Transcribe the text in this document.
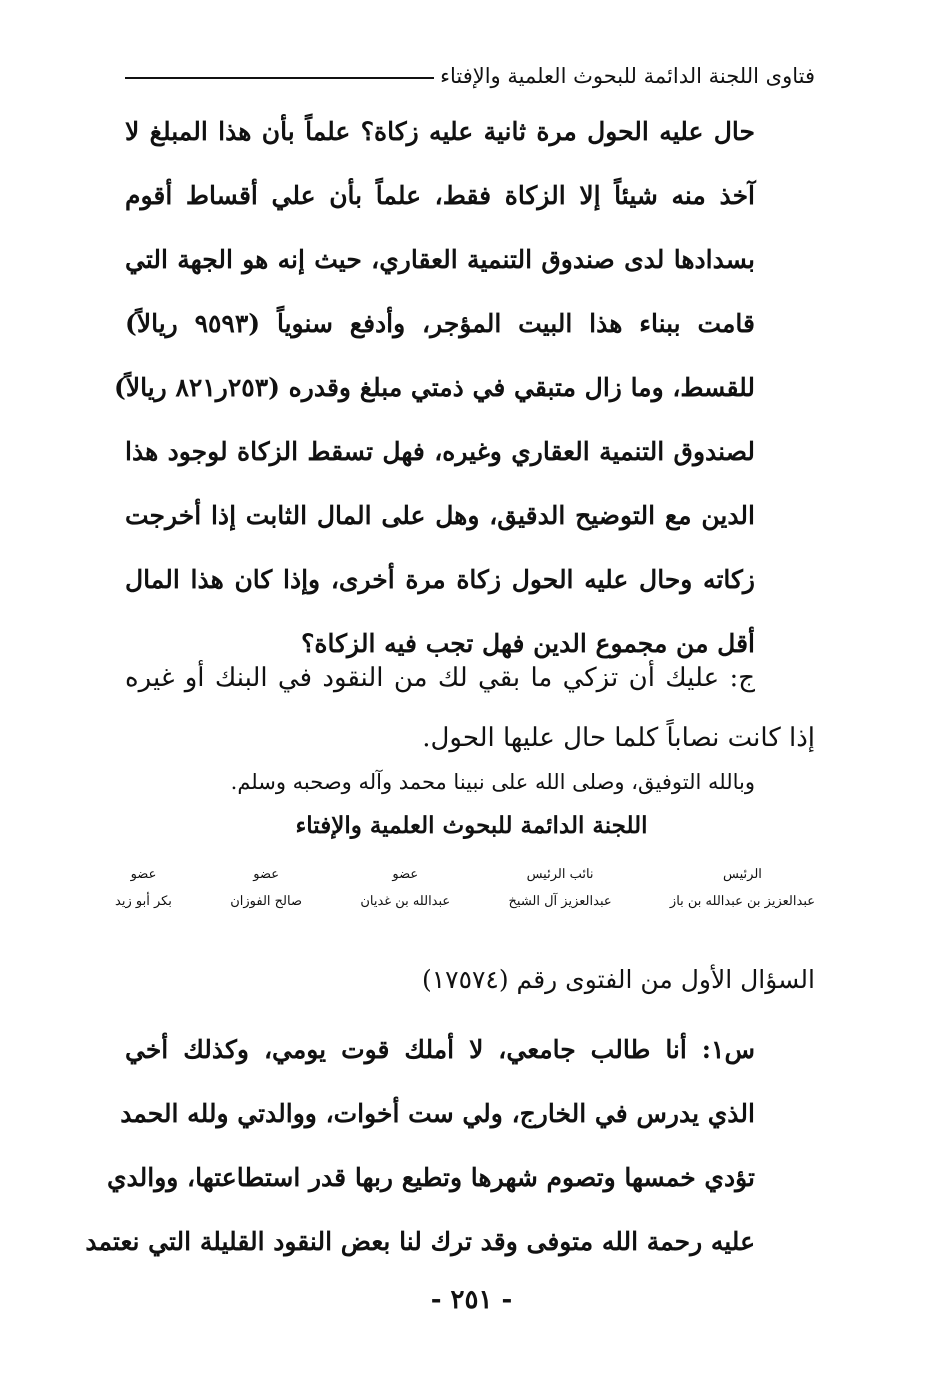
فتاوى اللجنة الدائمة للبحوث العلمية والإفتاء
حال عليه الحول مرة ثانية عليه زكاة؟ علماً بأن هذا المبلغ لا
آخذ منه شيئاً إلا الزكاة فقط، علماً بأن علي أقساط أقوم
بسدادها لدى صندوق التنمية العقاري، حيث إنه هو الجهة التي
قامت ببناء هذا البيت المؤجر، وأدفع سنوياً (٩٥٩٣ ريالاً)
للقسط، وما زال متبقي في ذمتي مبلغ وقدره (٢٥٣ر٨٢١ ريالاً)
لصندوق التنمية العقاري وغيره، فهل تسقط الزكاة لوجود هذا
الدين مع التوضيح الدقيق، وهل على المال الثابت إذا أخرجت
زكاته وحال عليه الحول زكاة مرة أخرى، وإذا كان هذا المال
أقل من مجموع الدين فهل تجب فيه الزكاة؟
ج: عليك أن تزكي ما بقي لك من النقود في البنك أو غيره
إذا كانت نصاباً كلما حال عليها الحول.
وبالله التوفيق، وصلى الله على نبينا محمد وآله وصحبه وسلم.
اللجنة الدائمة للبحوث العلمية والإفتاء
الرئيس
عبدالعزيز بن عبدالله بن باز
نائب الرئيس
عبدالعزيز آل الشيخ
عضو
عبدالله بن غديان
عضو
صالح الفوزان
عضو
بكر أبو زيد
السؤال الأول من الفتوى رقم (١٧٥٧٤)
س١: أنا طالب جامعي، لا أملك قوت يومي، وكذلك أخي
الذي يدرس في الخارج، ولي ست أخوات، ووالدتي ولله الحمد
تؤدي خمسها وتصوم شهرها وتطيع ربها قدر استطاعتها، ووالدي
عليه رحمة الله متوفى وقد ترك لنا بعض النقود القليلة التي نعتمد
- ٢٥١ -
